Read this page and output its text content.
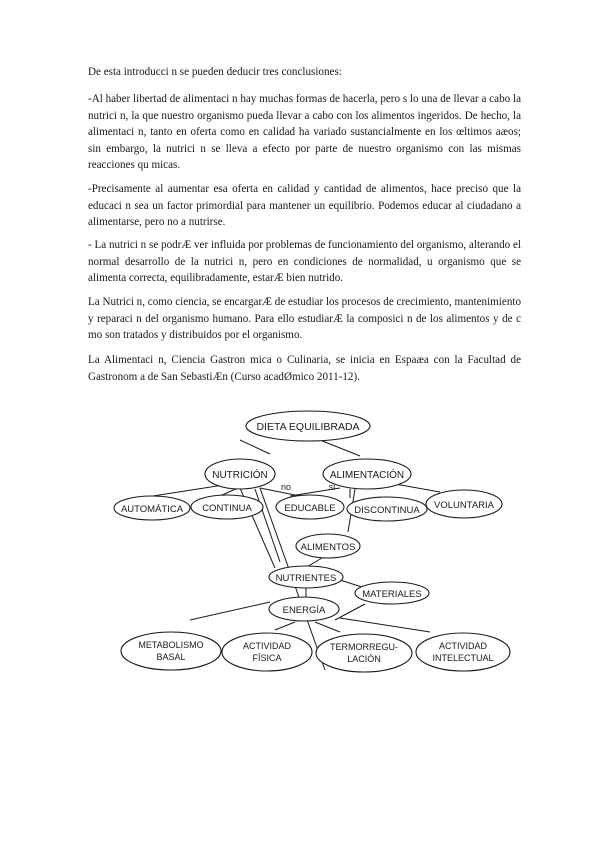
De esta introducci n se pueden deducir tres conclusiones:

-Al haber libertad de alimentaci n hay muchas formas de hacerla, pero s lo una de llevar a cabo la nutrici n, la que nuestro organismo pueda llevar a cabo con los alimentos ingeridos. De hecho, la alimentaci n, tanto en oferta como en calidad ha variado sustancialmente en los œltimos aæos; sin embargo, la nutrici n se lleva a efecto por parte de nuestro organismo con las mismas reacciones qu micas.

-Precisamente al aumentar esa oferta en calidad y cantidad de alimentos, hace preciso que la educaci n sea un factor primordial para mantener un equilibrio. Podemos educar al ciudadano a alimentarse, pero no a nutrirse.

- La nutrici n se podrÆ ver influida por problemas de funcionamiento del organismo, alterando el normal desarrollo de la nutrici n, pero en condiciones de normalidad, u organismo que se alimenta correcta, equilibradamente, estarÆ bien nutrido.

La Nutrici n, como ciencia, se encargarÆ de estudiar los procesos de crecimiento, mantenimiento y reparaci n del organismo humano. Para ello estudiarÆ la composici n de los alimentos y de c mo son tratados y distribuidos por el organismo.

La Alimentaci n, Ciencia Gastron mica o Culinaria, se inicia en Espaæa con la Facultad de Gastronom a de San SebastiÆn (Curso acadØmico 2011-12).

DIETA EQUILIBRADA
NUTRICIÓN	ALIMENTACIÓN
no	si
AUTOMÁTICA CONTINUA	EDUCABLE DISCONTINUA VOLUNTARIA
ALIMENTOS
NUTRIENTES
MATERIALES
ENERGÍA
METABOLISMO
BASAL
ACTIVIDAD
FÍSICA
TERMORREGU-
LACIÓN
ACTIVIDAD
INTELECTUAL
